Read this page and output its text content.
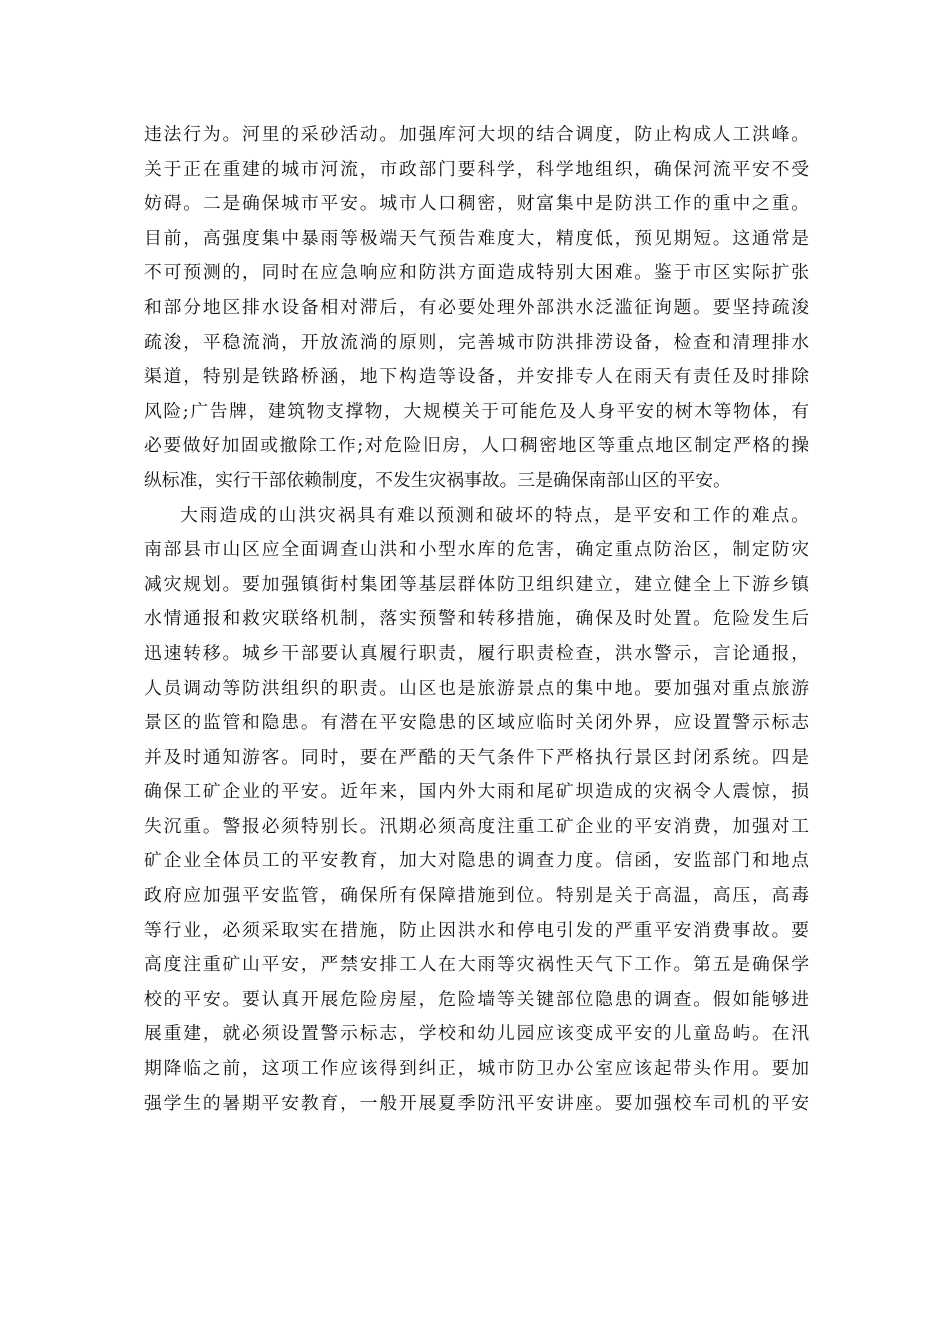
违法行为。河里的采砂活动。加强库河大坝的结合调度，防止构成人工洪峰。
关于正在重建的城市河流，市政部门要科学，科学地组织，确保河流平安不受
妨碍。二是确保城市平安。城市人口稠密，财富集中是防洪工作的重中之重。
目前，高强度集中暴雨等极端天气预告难度大，精度低，预见期短。这通常是
不可预测的，同时在应急响应和防洪方面造成特别大困难。鉴于市区实际扩张
和部分地区排水设备相对滞后，有必要处理外部洪水泛滥征询题。要坚持疏浚
疏浚，平稳流淌，开放流淌的原则，完善城市防洪排涝设备，检查和清理排水
渠道，特别是铁路桥涵，地下构造等设备，并安排专人在雨天有责任及时排除
风险;广告牌，建筑物支撑物，大规模关于可能危及人身平安的树木等物体，有
必要做好加固或撤除工作;对危险旧房，人口稠密地区等重点地区制定严格的操
纵标准，实行干部依赖制度，不发生灾祸事故。三是确保南部山区的平安。
大雨造成的山洪灾祸具有难以预测和破坏的特点，是平安和工作的难点。
南部县市山区应全面调查山洪和小型水库的危害，确定重点防治区，制定防灾
减灾规划。要加强镇街村集团等基层群体防卫组织建立，建立健全上下游乡镇
水情通报和救灾联络机制，落实预警和转移措施，确保及时处置。危险发生后
迅速转移。城乡干部要认真履行职责，履行职责检查，洪水警示，言论通报，
人员调动等防洪组织的职责。山区也是旅游景点的集中地。要加强对重点旅游
景区的监管和隐患。有潜在平安隐患的区域应临时关闭外界，应设置警示标志
并及时通知游客。同时，要在严酷的天气条件下严格执行景区封闭系统。四是
确保工矿企业的平安。近年来，国内外大雨和尾矿坝造成的灾祸令人震惊，损
失沉重。警报必须特别长。汛期必须高度注重工矿企业的平安消费，加强对工
矿企业全体员工的平安教育，加大对隐患的调查力度。信函，安监部门和地点
政府应加强平安监管，确保所有保障措施到位。特别是关于高温，高压，高毒
等行业，必须采取实在措施，防止因洪水和停电引发的严重平安消费事故。要
高度注重矿山平安，严禁安排工人在大雨等灾祸性天气下工作。第五是确保学
校的平安。要认真开展危险房屋，危险墙等关键部位隐患的调查。假如能够进
展重建，就必须设置警示标志，学校和幼儿园应该变成平安的儿童岛屿。在汛
期降临之前，这项工作应该得到纠正，城市防卫办公室应该起带头作用。要加
强学生的暑期平安教育，一般开展夏季防汛平安讲座。要加强校车司机的平安
